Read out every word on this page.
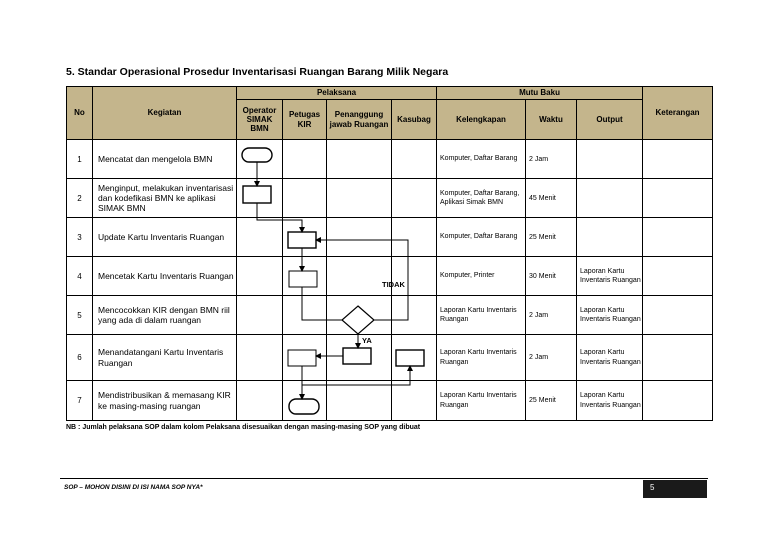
5. Standar Operasional Prosedur Inventarisasi Ruangan Barang Milik Negara
No	Kegiatan	Pelaksana				Mutu Baku			Keterangan
		Operator SIMAK BMN	Petugas KIR	Penanggung jawab Ruangan	Kasubag	Kelengkapan	Waktu	Output	
1	Mencatat dan mengelola BMN					Komputer, Daftar Barang	2 Jam		
2	Menginput, melakukan inventarisasi dan kodefikasi BMN ke aplikasi SIMAK BMN					Komputer, Daftar Barang, Aplikasi Simak BMN	45 Menit		
3	Update Kartu Inventaris Ruangan					Komputer, Daftar Barang	25 Menit		
4	Mencetak Kartu Inventaris Ruangan					Komputer, Printer	30 Menit	Laporan Kartu Inventaris Ruangan	
5	Mencocokkan KIR dengan BMN riil yang ada di dalam ruangan					Laporan Kartu Inventaris Ruangan	2 Jam	Laporan Kartu Inventaris Ruangan	
6	Menandatangani Kartu Inventaris Ruangan					Laporan Kartu Inventaris Ruangan	2 Jam	Laporan Kartu Inventaris Ruangan	
7	Mendistribusikan & memasang KIR ke masing-masing ruangan					Laporan Kartu Inventaris Ruangan	25 Menit	Laporan Kartu Inventaris Ruangan	
TIDAK
YA
NB : Jumlah pelaksana SOP dalam kolom Pelaksana disesuaikan dengan masing-masing SOP yang dibuat
SOP – MOHON DISINI DI ISI NAMA SOP NYA*	5
